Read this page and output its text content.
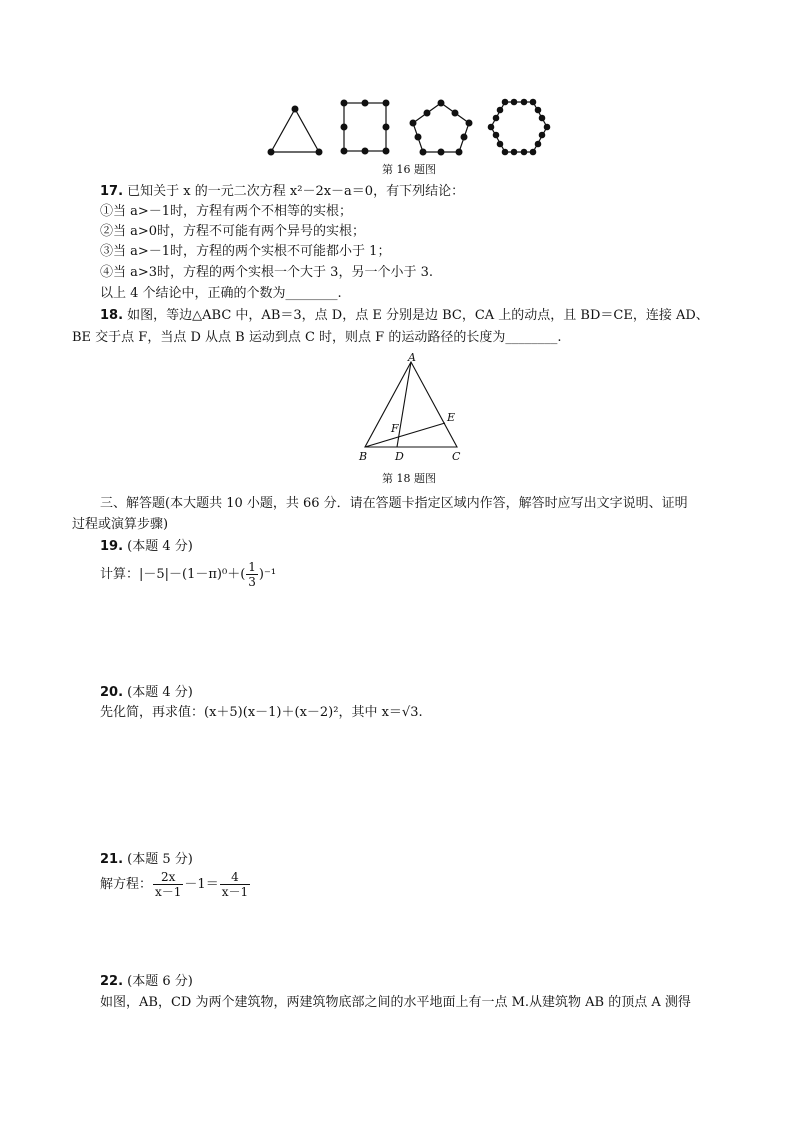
第 16 题图
17. 已知关于 x 的一元二次方程 x²－2x－a＝0，有下列结论：
①当 a>－1时，方程有两个不相等的实根；
②当 a>0时，方程不可能有两个异号的实根；
③当 a>－1时，方程的两个实根不可能都小于 1；
④当 a>3时，方程的两个实根一个大于 3，另一个小于 3.
以上 4 个结论中，正确的个数为________.
18. 如图，等边△ABC 中，AB＝3，点 D，点 E 分别是边 BC，CA 上的动点，且 BD＝CE，连接 AD、
BE 交于点 F，当点 D 从点 B 运动到点 C 时，则点 F 的运动路径的长度为________.
A
B	C
D
E
F
第 18 题图
三、解答题(本大题共 10 小题，共 66 分．请在答题卡指定区域内作答，解答时应写出文字说明、证明
过程或演算步骤)
19. (本题 4 分)
计算：$|-5|-(1-\pi)^0+( \frac{1}{3} )^{-1}$
20. (本题 4 分)
先化简，再求值：(x＋5)(x－1)＋(x－2)²，其中 x＝√3.
21. (本题 5 分)
解方程： $\frac{2x}{x-1} -1= \frac{4}{x-1}$
22. (本题 6 分)
如图，AB，CD 为两个建筑物，两建筑物底部之间的水平地面上有一点 M.从建筑物 AB 的顶点 A 测得
